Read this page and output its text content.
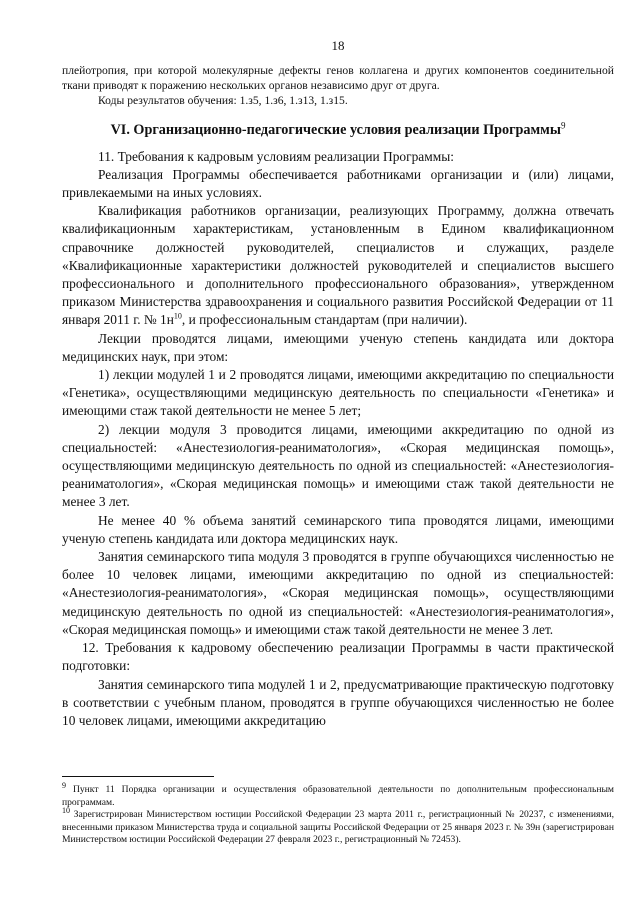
18

плейотропия, при которой молекулярные дефекты генов коллагена и других компонентов соединительной ткани приводят к поражению нескольких органов независимо друг от друга.

Коды результатов обучения: 1.з5, 1.з6, 1.з13, 1.з15.

VI. Организационно-педагогические условия реализации Программы$^9$

11. Требования к кадровым условиям реализации Программы:

Реализация Программы обеспечивается работниками организации и (или) лицами, привлекаемыми на иных условиях.

Квалификация работников организации, реализующих Программу, должна отвечать квалификационным характеристикам, установленным в Едином квалификационном справочнике должностей руководителей, специалистов и служащих, разделе «Квалификационные характеристики должностей руководителей и специалистов высшего профессионального и дополнительного профессионального образования», утвержденном приказом Министерства здравоохранения и социального развития Российской Федерации от 11 января 2011 г. № $1н^{10}$, и профессиональным стандартам (при наличии).

Лекции проводятся лицами, имеющими ученую степень кандидата или доктора медицинских наук, при этом:

1) лекции модулей 1 и 2 проводятся лицами, имеющими аккредитацию по специальности «Генетика», осуществляющими медицинскую деятельность по специальности «Генетика» и имеющими стаж такой деятельности не менее 5 лет;

2) лекции модуля 3 проводится лицами, имеющими аккредитацию по одной из специальностей: «Анестезиология-реаниматология», «Скорая медицинская помощь», осуществляющими медицинскую деятельность по одной из специальностей: «Анестезиология-реаниматология», «Скорая медицинская помощь» и имеющими стаж такой деятельности не менее 3 лет.

Не менее 40 % объема занятий семинарского типа проводятся лицами, имеющими ученую степень кандидата или доктора медицинских наук.

Занятия семинарского типа модуля 3 проводятся в группе обучающихся численностью не более 10 человек лицами, имеющими аккредитацию по одной из специальностей: «Анестезиология-реаниматология», «Скорая медицинская помощь», осуществляющими медицинскую деятельность по одной из специальностей: «Анестезиология-реаниматология», «Скорая медицинская помощь» и имеющими стаж такой деятельности не менее 3 лет.

12. Требования к кадровому обеспечению реализации Программы в части практической подготовки:

Занятия семинарского типа модулей 1 и 2, предусматривающие практическую подготовку в соответствии с учебным планом, проводятся в группе обучающихся численностью не более 10 человек лицами, имеющими аккредитацию

$^9$ Пункт 11 Порядка организации и осуществления образовательной деятельности по дополнительным профессиональным программам.

$^{10}$ Зарегистрирован Министерством юстиции Российской Федерации 23 марта 2011 г., регистрационный № 20237, с изменениями, внесенными приказом Министерства труда и социальной защиты Российской Федерации от 25 января 2023 г. № 39н (зарегистрирован Министерством юстиции Российской Федерации 27 февраля 2023 г., регистрационный № 72453).
